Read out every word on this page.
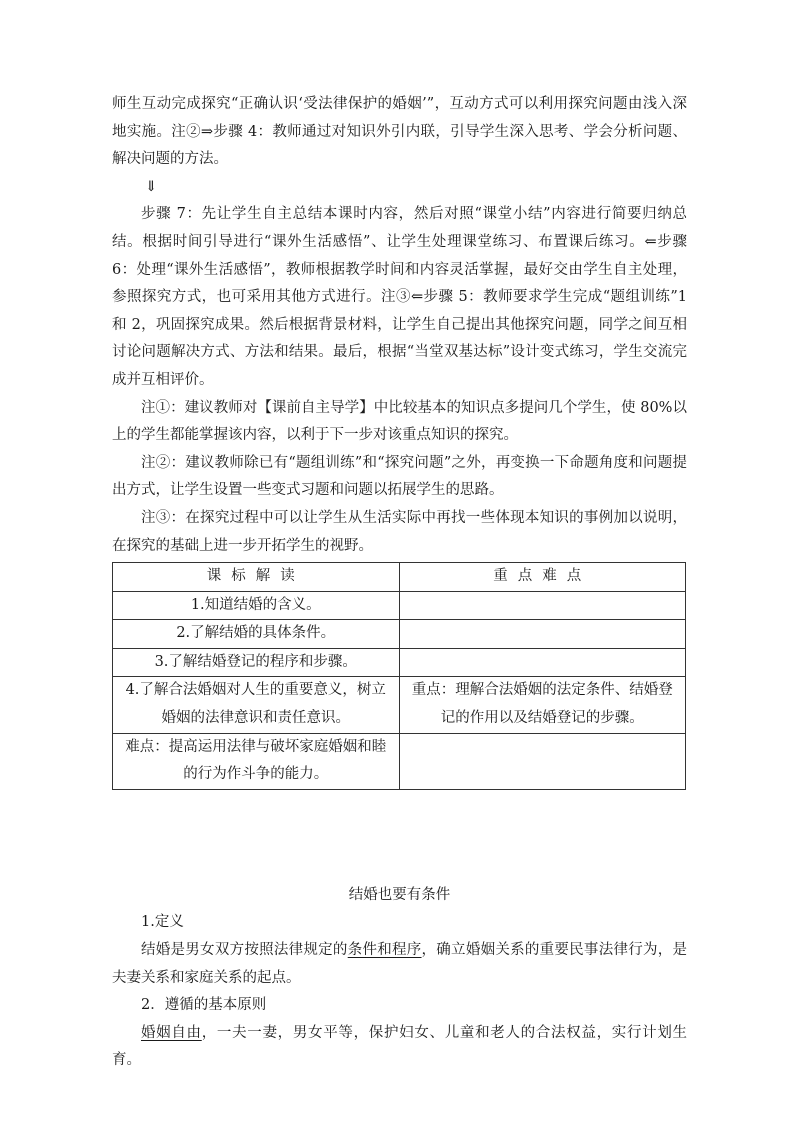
师生互动完成探究“正确认识‘受法律保护的婚姻’”，互动方式可以利用探究问题由浅入深地实施。注②⇒步骤 4：教师通过对知识外引内联，引导学生深入思考、学会分析问题、解决问题的方法。

⇓

步骤 7：先让学生自主总结本课时内容，然后对照“课堂小结”内容进行简要归纳总结。根据时间引导进行“课外生活感悟”、让学生处理课堂练习、布置课后练习。⇐步骤 6：处理“课外生活感悟”，教师根据教学时间和内容灵活掌握，最好交由学生自主处理，参照探究方式，也可采用其他方式进行。注③⇐步骤 5：教师要求学生完成“题组训练”1 和 2，巩固探究成果。然后根据背景材料，让学生自己提出其他探究问题，同学之间互相讨论问题解决方式、方法和结果。最后，根据“当堂双基达标”设计变式练习，学生交流完成并互相评价。

注①：建议教师对【课前自主导学】中比较基本的知识点多提问几个学生，使 80%以上的学生都能掌握该内容，以利于下一步对该重点知识的探究。

注②：建议教师除已有“题组训练”和“探究问题”之外，再变换一下命题角度和问题提出方式，让学生设置一些变式习题和问题以拓展学生的思路。

注③：在探究过程中可以让学生从生活实际中再找一些体现本知识的事例加以说明，在探究的基础上进一步开拓学生的视野。

课标解读	重点难点
1.知道结婚的含义。	
2.了解结婚的具体条件。	
3.了解结婚登记的程序和步骤。	
4.了解合法婚姻对人生的重要意义，树立婚姻的法律意识和责任意识。	重点：理解合法婚姻的法定条件、结婚登记的作用以及结婚登记的步骤。
难点：提高运用法律与破坏家庭婚姻和睦的行为作斗争的能力。	

结婚也要有条件

1.定义

结婚是男女双方按照法律规定的条件和程序，确立婚姻关系的重要民事法律行为，是夫妻关系和家庭关系的起点。

2．遵循的基本原则

婚姻自由，一夫一妻，男女平等，保护妇女、儿童和老人的合法权益，实行计划生育。
